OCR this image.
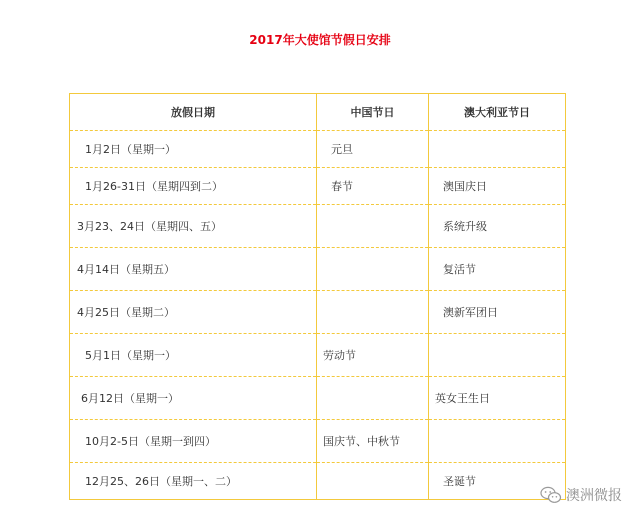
2017年大使馆节假日安排
放假日期	中国节日	澳大利亚节日
1月2日（星期一）	元旦	
1月26-31日（星期四到二）	春节	澳国庆日
3月23、24日（星期四、五）		系统升级
4月14日（星期五）		复活节
4月25日（星期二）		澳新军团日
5月1日（星期一）	劳动节	
6月12日（星期一）		英女王生日
10月2-5日（星期一到四）	国庆节、中秋节	
12月25、26日（星期一、二）		圣诞节
澳洲微报
